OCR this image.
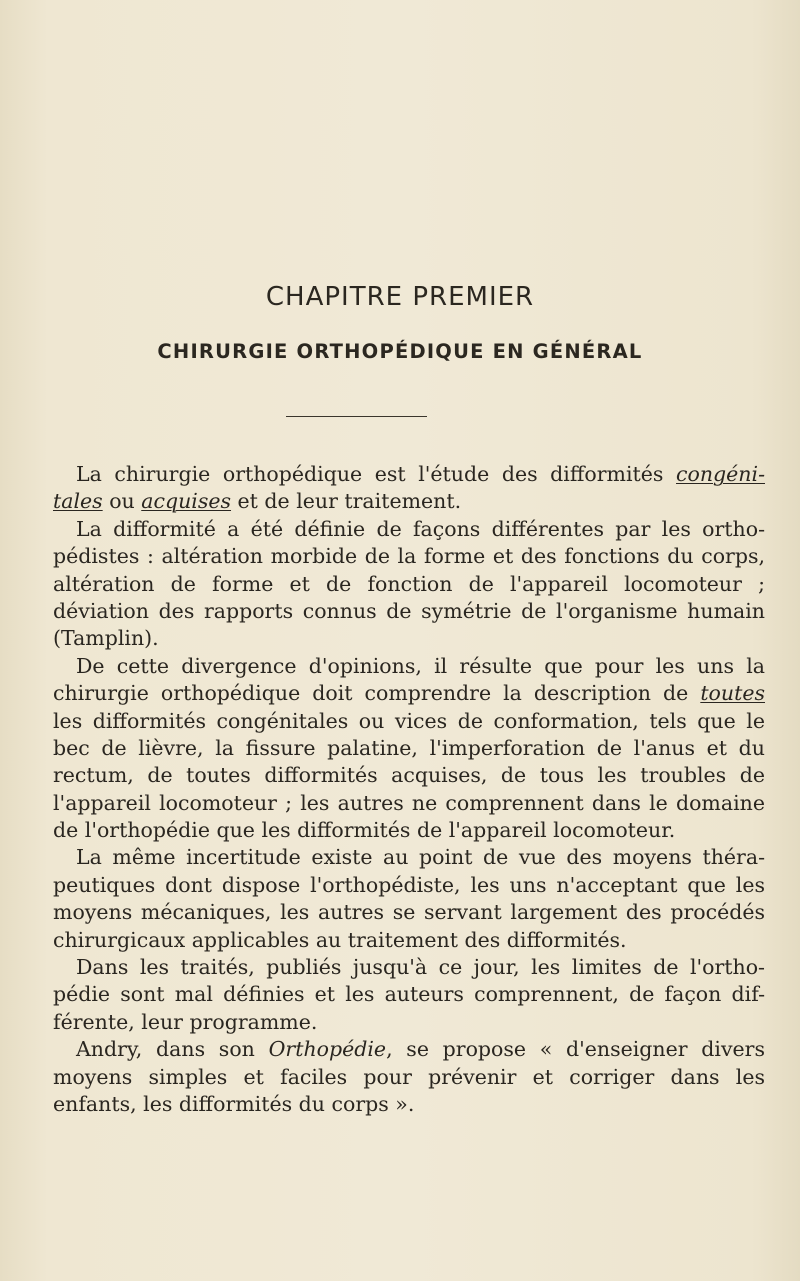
CHAPITRE PREMIER
CHIRURGIE ORTHOPÉDIQUE EN GÉNÉRAL
La chirurgie orthopédique est l'étude des difformités congéni-
tales ou acquises et de leur traitement.
La difformité a été définie de façons différentes par les ortho-
pédistes : altération morbide de la forme et des fonctions du corps,
altération de forme et de fonction de l'appareil locomoteur ;
déviation des rapports connus de symétrie de l'organisme humain
(Tamplin).
De cette divergence d'opinions, il résulte que pour les uns la
chirurgie orthopédique doit comprendre la description de toutes
les difformités congénitales ou vices de conformation, tels que le
bec de lièvre, la fissure palatine, l'imperforation de l'anus et du
rectum, de toutes difformités acquises, de tous les troubles de
l'appareil locomoteur ; les autres ne comprennent dans le domaine
de l'orthopédie que les difformités de l'appareil locomoteur.
La même incertitude existe au point de vue des moyens théra-
peutiques dont dispose l'orthopédiste, les uns n'acceptant que les
moyens mécaniques, les autres se servant largement des procédés
chirurgicaux applicables au traitement des difformités.
Dans les traités, publiés jusqu'à ce jour, les limites de l'ortho-
pédie sont mal définies et les auteurs comprennent, de façon dif-
férente, leur programme.
Andry, dans son Orthopédie, se propose « d'enseigner divers
moyens simples et faciles pour prévenir et corriger dans les
enfants, les difformités du corps ».
